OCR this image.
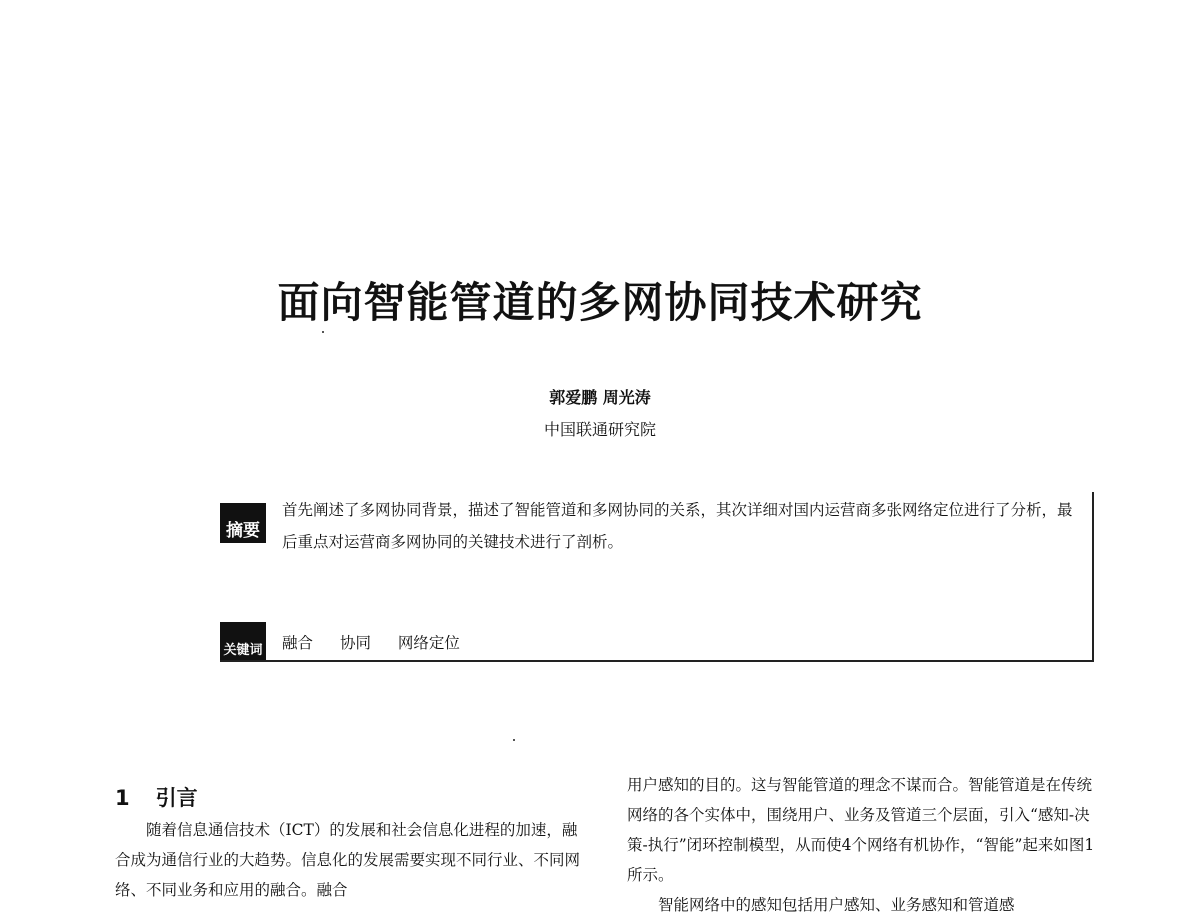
面向智能管道的多网协同技术研究
郭爱鹏 周光涛
中国联通研究院
摘要
首先阐述了多网协同背景，描述了智能管道和多网协同的关系，其次详细对国内运营商多张网络定位进行了分析，最后重点对运营商多网协同的关键技术进行了剖析。
关键词 融合 协同 网络定位
1 引言

随着信息通信技术（ICT）的发展和社会信息化进程的加速，融合成为通信行业的大趋势。信息化的发展需要实现不同行业、不同网络、不同业务和应用的融合。融合

用户感知的目的。这与智能管道的理念不谋而合。智能管道是在传统网络的各个实体中，围绕用户、业务及管道三个层面，引入“感知-决策-执行”闭环控制模型，从而使4个网络有机协作，“智能”起来如图1所示。

智能网络中的感知包括用户感知、业务感知和管道感
